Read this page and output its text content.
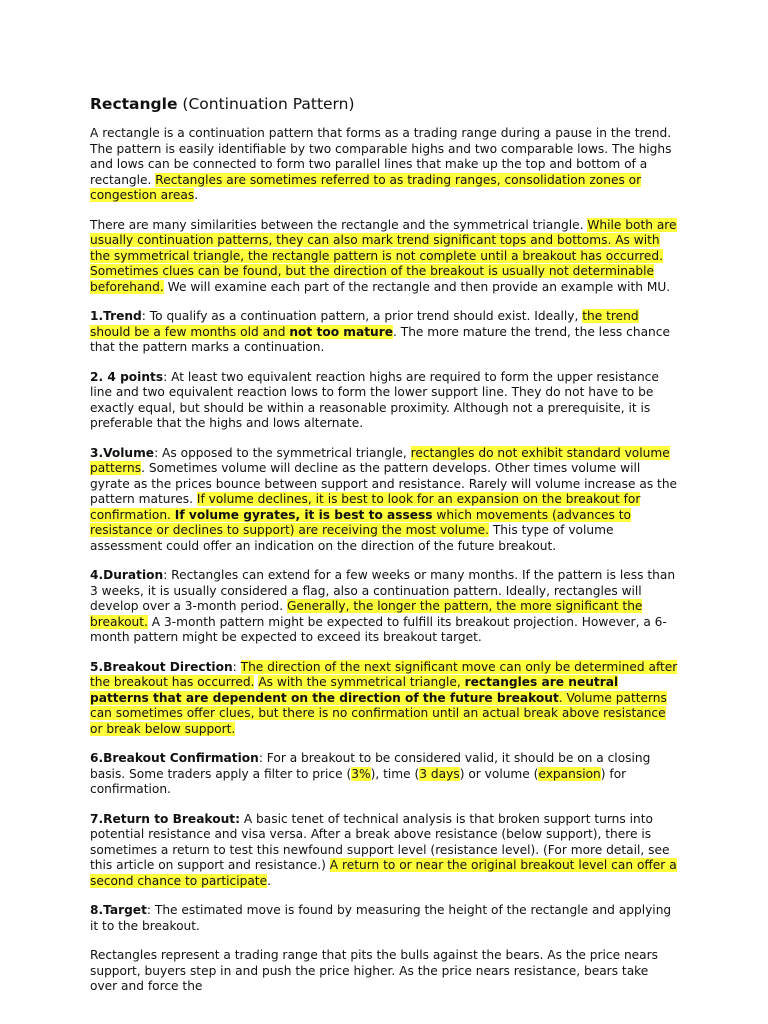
Rectangle (Continuation Pattern)

A rectangle is a continuation pattern that forms as a trading range during a pause in the trend. The pattern is easily identifiable by two comparable highs and two comparable lows. The highs and lows can be connected to form two parallel lines that make up the top and bottom of a rectangle. Rectangles are sometimes referred to as trading ranges, consolidation zones or congestion areas.

There are many similarities between the rectangle and the symmetrical triangle. While both are usually continuation patterns, they can also mark trend significant tops and bottoms. As with the symmetrical triangle, the rectangle pattern is not complete until a breakout has occurred. Sometimes clues can be found, but the direction of the breakout is usually not determinable beforehand. We will examine each part of the rectangle and then provide an example with MU.

1.Trend: To qualify as a continuation pattern, a prior trend should exist. Ideally, the trend should be a few months old and not too mature. The more mature the trend, the less chance that the pattern marks a continuation.

2. 4 points: At least two equivalent reaction highs are required to form the upper resistance line and two equivalent reaction lows to form the lower support line. They do not have to be exactly equal, but should be within a reasonable proximity. Although not a prerequisite, it is preferable that the highs and lows alternate.

3.Volume: As opposed to the symmetrical triangle, rectangles do not exhibit standard volume patterns. Sometimes volume will decline as the pattern develops. Other times volume will gyrate as the prices bounce between support and resistance. Rarely will volume increase as the pattern matures. If volume declines, it is best to look for an expansion on the breakout for confirmation. If volume gyrates, it is best to assess which movements (advances to resistance or declines to support) are receiving the most volume. This type of volume assessment could offer an indication on the direction of the future breakout.

4.Duration: Rectangles can extend for a few weeks or many months. If the pattern is less than 3 weeks, it is usually considered a flag, also a continuation pattern. Ideally, rectangles will develop over a 3-month period. Generally, the longer the pattern, the more significant the breakout. A 3-month pattern might be expected to fulfill its breakout projection. However, a 6-month pattern might be expected to exceed its breakout target.

5.Breakout Direction: The direction of the next significant move can only be determined after the breakout has occurred. As with the symmetrical triangle, rectangles are neutral patterns that are dependent on the direction of the future breakout. Volume patterns can sometimes offer clues, but there is no confirmation until an actual break above resistance or break below support.

6.Breakout Confirmation: For a breakout to be considered valid, it should be on a closing basis. Some traders apply a filter to price (3%), time (3 days) or volume (expansion) for confirmation.

7.Return to Breakout: A basic tenet of technical analysis is that broken support turns into potential resistance and visa versa. After a break above resistance (below support), there is sometimes a return to test this newfound support level (resistance level). (For more detail, see this article on support and resistance.) A return to or near the original breakout level can offer a second chance to participate.

8.Target: The estimated move is found by measuring the height of the rectangle and applying it to the breakout.

Rectangles represent a trading range that pits the bulls against the bears. As the price nears support, buyers step in and push the price higher. As the price nears resistance, bears take over and force the
